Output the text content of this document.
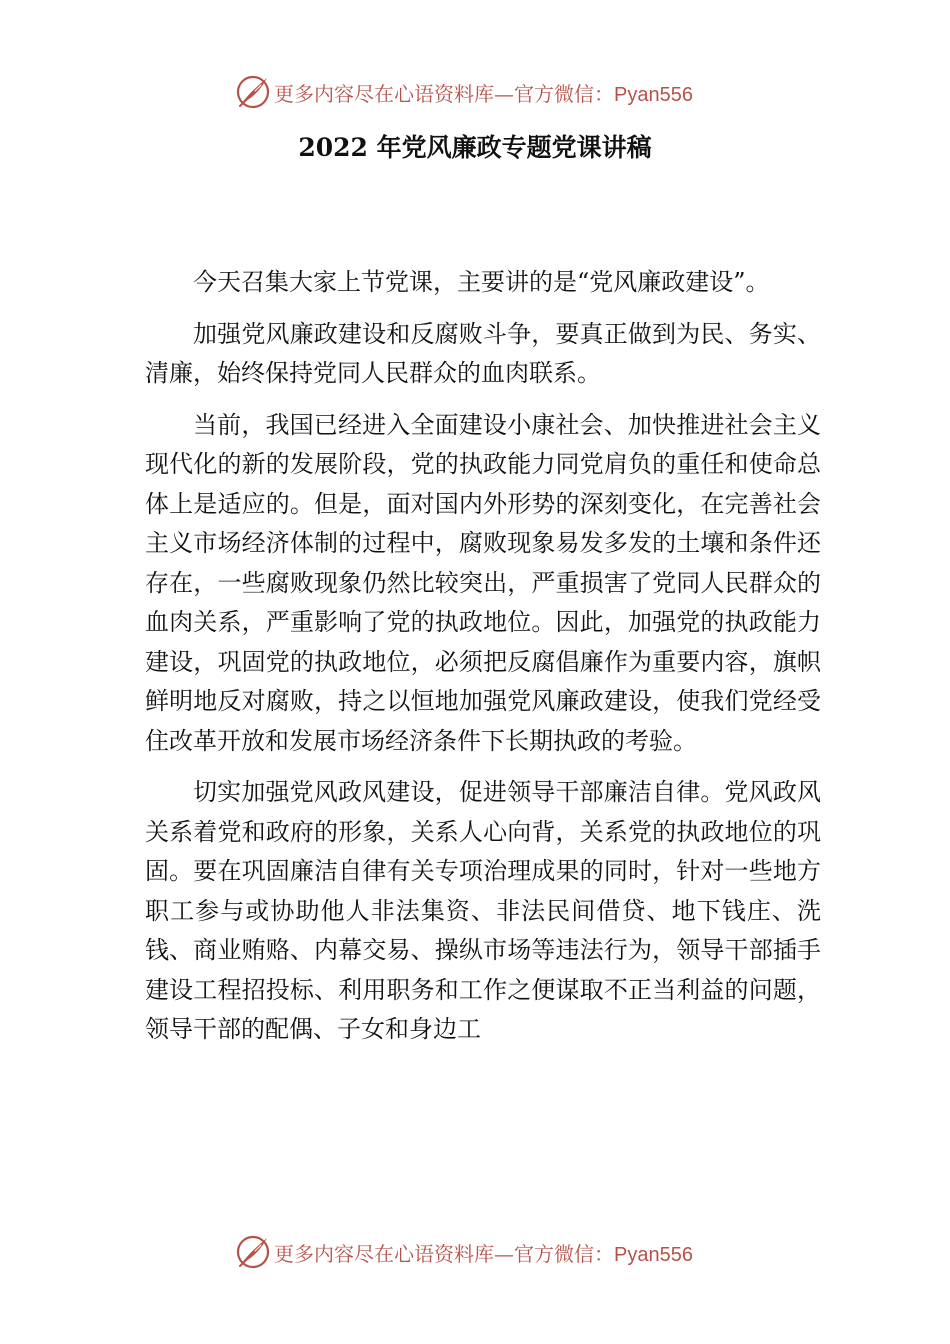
更多内容尽在心语资料库—官方微信：Pyan556
2022 年党风廉政专题党课讲稿

今天召集大家上节党课，主要讲的是“党风廉政建设”。

加强党风廉政建设和反腐败斗争，要真正做到为民、务实、清廉，始终保持党同人民群众的血肉联系。

当前，我国已经进入全面建设小康社会、加快推进社会主义现代化的新的发展阶段，党的执政能力同党肩负的重任和使命总体上是适应的。但是，面对国内外形势的深刻变化，在完善社会主义市场经济体制的过程中，腐败现象易发多发的土壤和条件还存在，一些腐败现象仍然比较突出，严重损害了党同人民群众的血肉关系，严重影响了党的执政地位。因此，加强党的执政能力建设，巩固党的执政地位，必须把反腐倡廉作为重要内容，旗帜鲜明地反对腐败，持之以恒地加强党风廉政建设，使我们党经受住改革开放和发展市场经济条件下长期执政的考验。

切实加强党风政风建设，促进领导干部廉洁自律。党风政风关系着党和政府的形象，关系人心向背，关系党的执政地位的巩固。要在巩固廉洁自律有关专项治理成果的同时，针对一些地方职工参与或协助他人非法集资、非法民间借贷、地下钱庄、洗钱、商业贿赂、内幕交易、操纵市场等违法行为，领导干部插手建设工程招投标、利用职务和工作之便谋取不正当利益的问题，领导干部的配偶、子女和身边工

更多内容尽在心语资料库—官方微信：Pyan556
